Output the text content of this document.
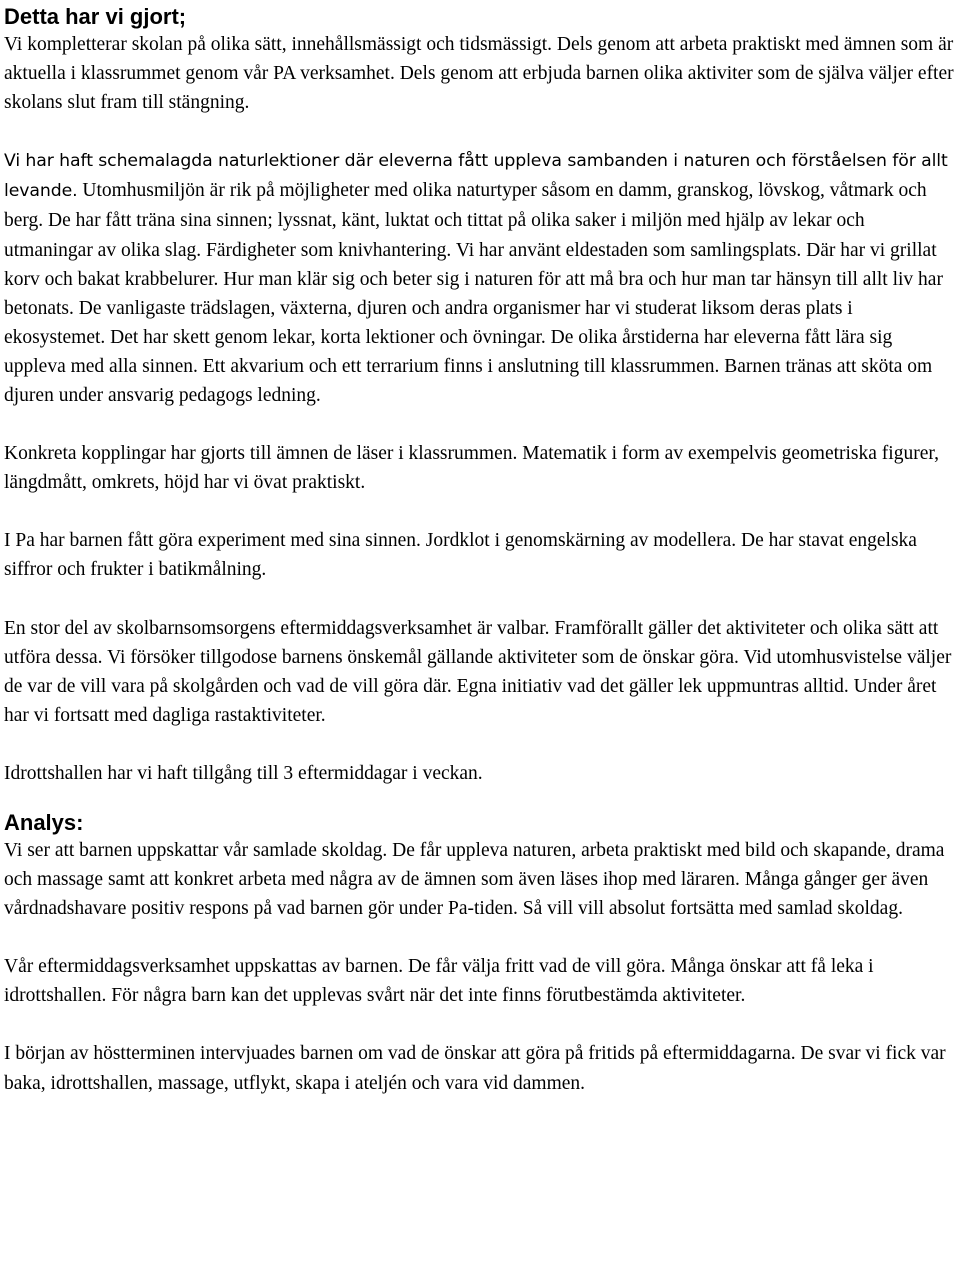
Detta har vi gjort;

Vi kompletterar skolan på olika sätt, innehållsmässigt och tidsmässigt. Dels genom att arbeta praktiskt med ämnen som är aktuella i klassrummet genom vår PA verksamhet. Dels genom att erbjuda barnen olika aktiviter som de själva väljer efter skolans slut fram till stängning.

Vi har haft schemalagda naturlektioner där eleverna fått uppleva sambanden i naturen och förståelsen för allt levande. Utomhusmiljön är rik på möjligheter med olika naturtyper såsom en damm, granskog, lövskog, våtmark och berg. De har fått träna sina sinnen; lyssnat, känt, luktat och tittat på olika saker i miljön med hjälp av lekar och utmaningar av olika slag. Färdigheter som knivhantering. Vi har använt eldestaden som samlingsplats. Där har vi grillat korv och bakat krabbelurer. Hur man klär sig och beter sig i naturen för att må bra och hur man tar hänsyn till allt liv har betonats. De vanligaste trädslagen, växterna, djuren och andra organismer har vi studerat liksom deras plats i ekosystemet. Det har skett genom lekar, korta lektioner och övningar. De olika årstiderna har eleverna fått lära sig uppleva med alla sinnen. Ett akvarium och ett terrarium finns i anslutning till klassrummen. Barnen tränas att sköta om djuren under ansvarig pedagogs ledning.

Konkreta kopplingar har gjorts till ämnen de läser i klassrummen. Matematik i form av exempelvis geometriska figurer, längdmått, omkrets, höjd har vi övat praktiskt.

I Pa har barnen fått göra experiment med sina sinnen. Jordklot i genomskärning av modellera. De har stavat engelska siffror och frukter i batikmålning.

En stor del av skolbarnsomsorgens eftermiddagsverksamhet är valbar. Framförallt gäller det aktiviteter och olika sätt att utföra dessa. Vi försöker tillgodose barnens önskemål gällande aktiviteter som de önskar göra. Vid utomhusvistelse väljer de var de vill vara på skolgården och vad de vill göra där. Egna initiativ vad det gäller lek uppmuntras alltid. Under året har vi fortsatt med dagliga rastaktiviteter.

Idrottshallen har vi haft tillgång till 3 eftermiddagar i veckan.

Analys:

Vi ser att barnen uppskattar vår samlade skoldag. De får uppleva naturen, arbeta praktiskt med bild och skapande, drama och massage samt att konkret arbeta med några av de ämnen som även läses ihop med läraren. Många gånger ger även vårdnadshavare positiv respons på vad barnen gör under Pa-tiden. Så vill vill absolut fortsätta med samlad skoldag.

Vår eftermiddagsverksamhet uppskattas av barnen. De får välja fritt vad de vill göra. Många önskar att få leka i idrottshallen. För några barn kan det upplevas svårt när det inte finns förutbestämda aktiviteter.

I början av höstterminen intervjuades barnen om vad de önskar att göra på fritids på eftermiddagarna. De svar vi fick var baka, idrottshallen, massage, utflykt, skapa i ateljén och vara vid dammen.
